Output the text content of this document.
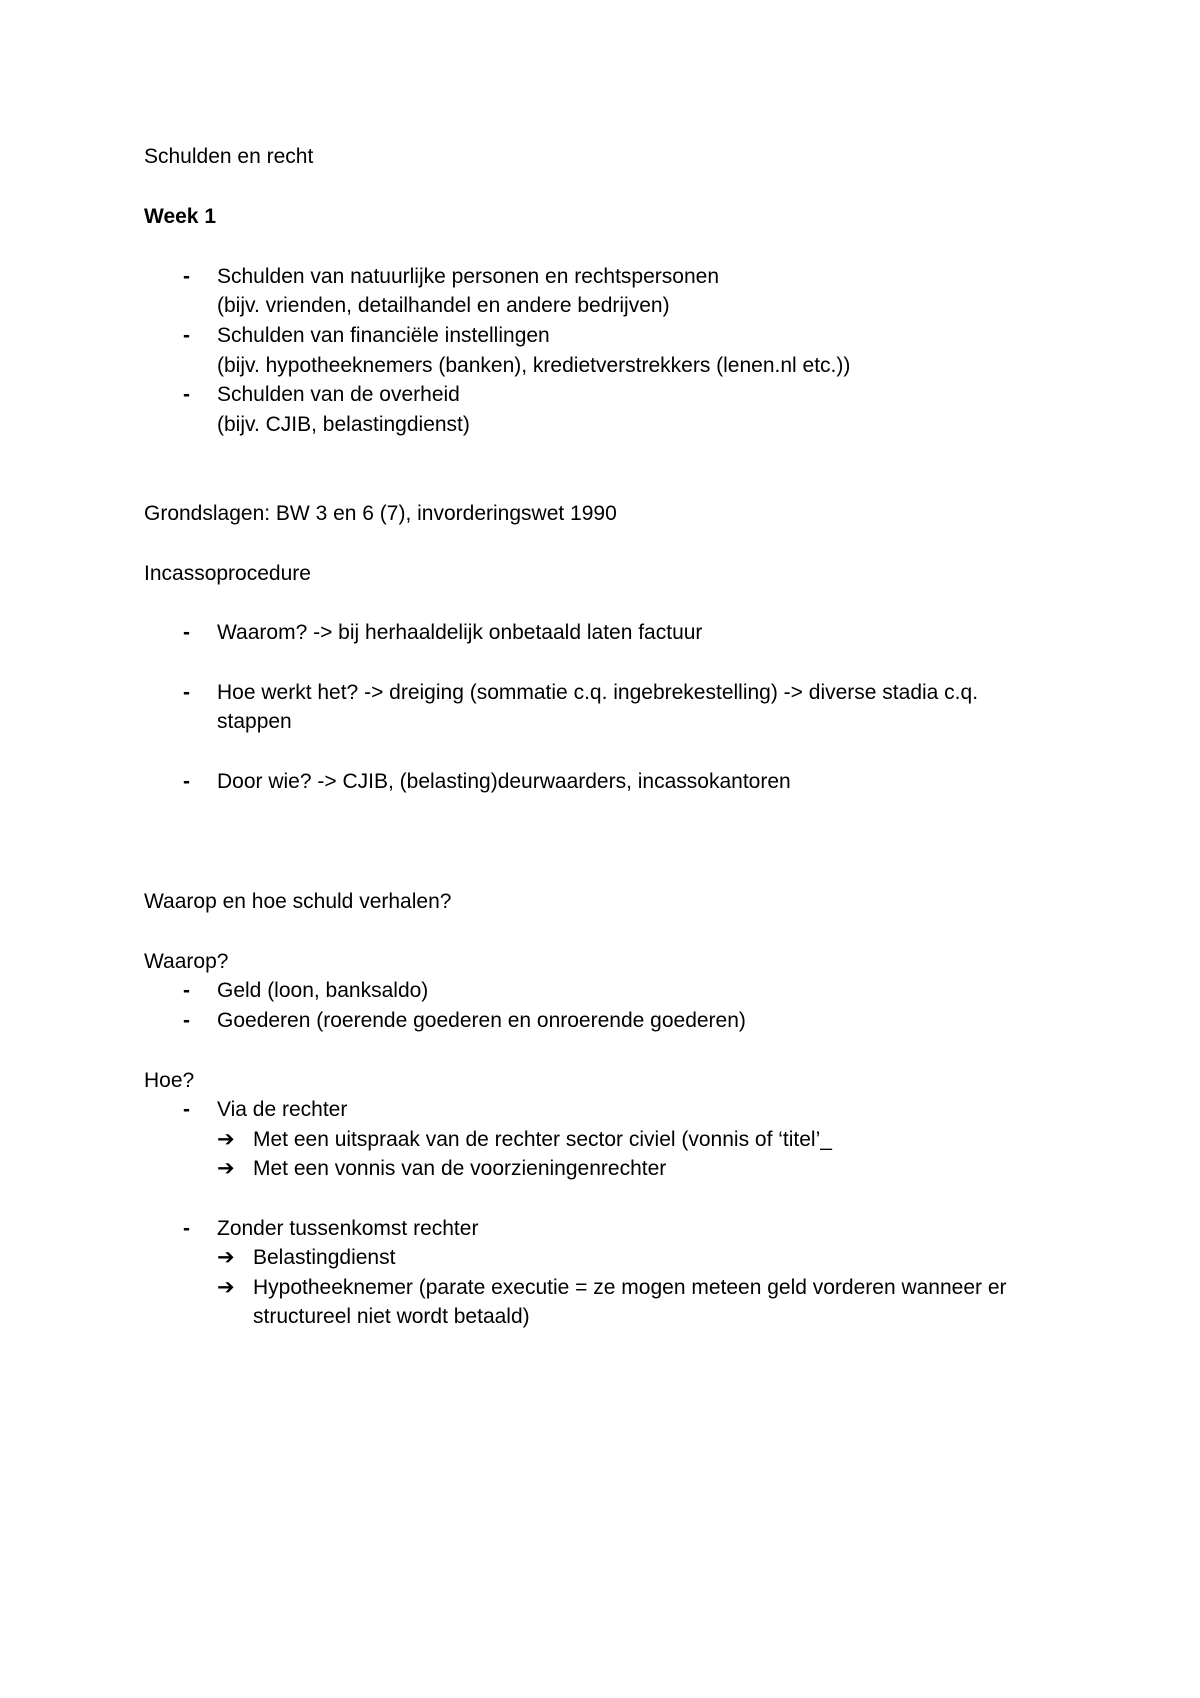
Schulden en recht
Week 1
- Schulden van natuurlijke personen en rechtspersonen
(bijv. vrienden, detailhandel en andere bedrijven)
- Schulden van financiële instellingen
(bijv. hypotheeknemers (banken), kredietverstrekkers (lenen.nl etc.))
- Schulden van de overheid
(bijv. CJIB, belastingdienst)
Grondslagen: BW 3 en 6 (7), invorderingswet 1990
Incassoprocedure
- Waarom? -> bij herhaaldelijk onbetaald laten factuur
- Hoe werkt het? -> dreiging (sommatie c.q. ingebrekestelling) -> diverse stadia c.q.
stappen
- Door wie? -> CJIB, (belasting)deurwaarders, incassokantoren
Waarop en hoe schuld verhalen?
Waarop?
- Geld (loon, banksaldo)
- Goederen (roerende goederen en onroerende goederen)
Hoe?
- Via de rechter
➔ Met een uitspraak van de rechter sector civiel (vonnis of ‘titel’_
➔ Met een vonnis van de voorzieningenrechter
- Zonder tussenkomst rechter
➔ Belastingdienst
➔ Hypotheeknemer (parate executie = ze mogen meteen geld vorderen wanneer er
structureel niet wordt betaald)
